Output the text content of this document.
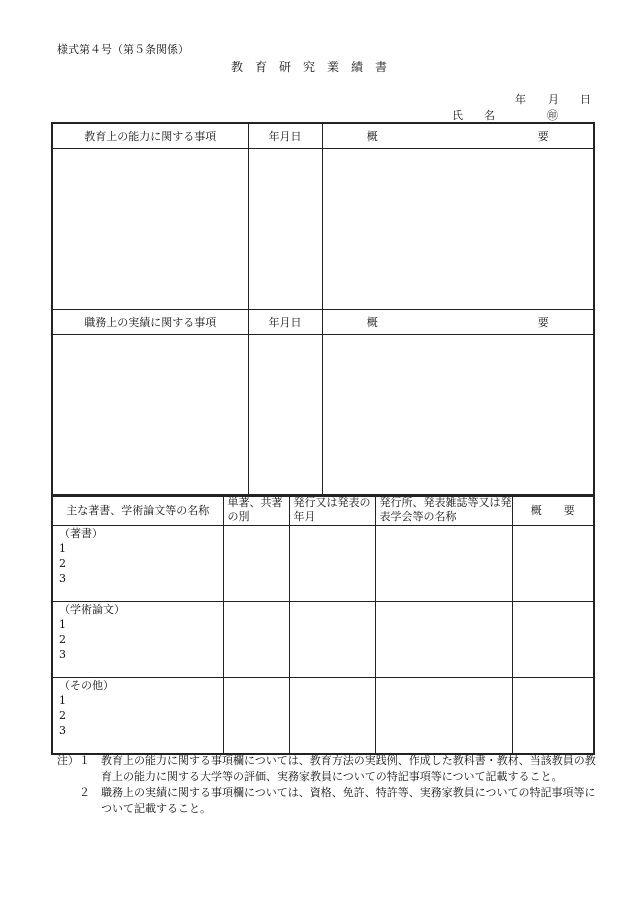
様式第４号（第５条関係）
教育研究業績書
年 月 日
氏 名	㊞
教育上の能力に関する事項	年月日	概 要

職務上の実績に関する事項	年月日	概 要

主な著書、学術論文等の名称	単著、共著の別	発行又は発表の年月	発行所、発表雑誌等又は発表学会等の名称	概　　 要

（著書）
1
2
3				

（学術論文）
1
2
3				

（その他）
1
2
3				

注） １ 教育上の能力に関する事項欄については、教育方法の実践例、作成した教科書・教材、当該教員の教育上の能力に関する大学等の評価、実務家教員についての特記事項等について記載すること。
２ 職務上の実績に関する事項欄については、資格、免許、特許等、実務家教員についての特記事項等について記載すること。
